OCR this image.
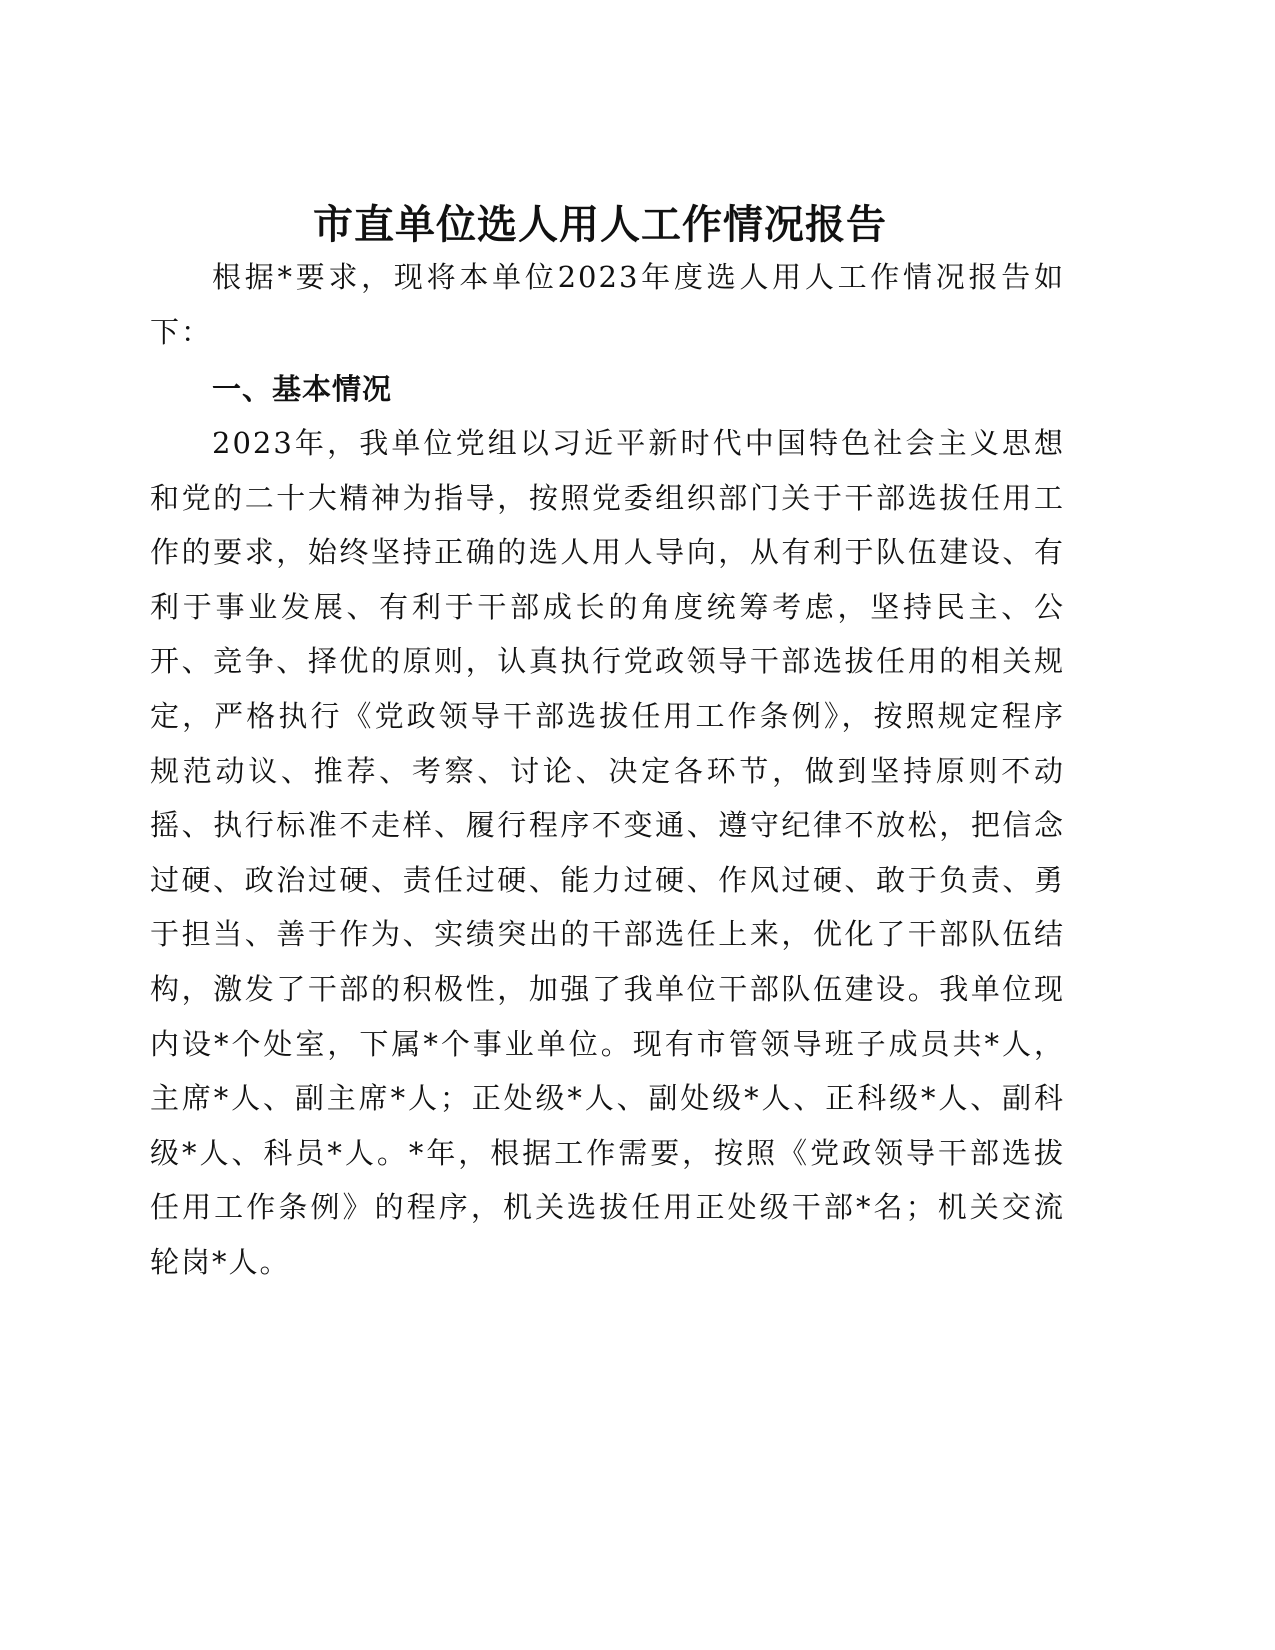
市直单位选人用人工作情况报告

根据*要求，现将本单位2023年度选人用人工作情况报告如下：

一、基本情况

2023年，我单位党组以习近平新时代中国特色社会主义思想和党的二十大精神为指导，按照党委组织部门关于干部选拔任用工作的要求，始终坚持正确的选人用人导向，从有利于队伍建设、有利于事业发展、有利于干部成长的角度统筹考虑，坚持民主、公开、竞争、择优的原则，认真执行党政领导干部选拔任用的相关规定，严格执行《党政领导干部选拔任用工作条例》，按照规定程序规范动议、推荐、考察、讨论、决定各环节，做到坚持原则不动摇、执行标准不走样、履行程序不变通、遵守纪律不放松，把信念过硬、政治过硬、责任过硬、能力过硬、作风过硬、敢于负责、勇于担当、善于作为、实绩突出的干部选任上来，优化了干部队伍结构，激发了干部的积极性，加强了我单位干部队伍建设。我单位现内设*个处室，下属*个事业单位。现有市管领导班子成员共*人，主席*人、副主席*人；正处级*人、副处级*人、正科级*人、副科级*人、科员*人。*年，根据工作需要，按照《党政领导干部选拔任用工作条例》的程序，机关选拔任用正处级干部*名；机关交流轮岗*人。
